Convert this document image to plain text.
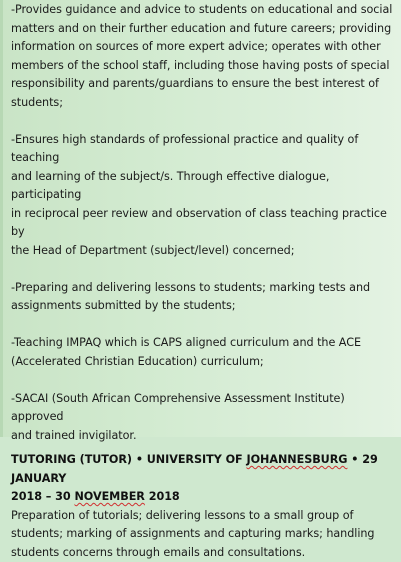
-Provides guidance and advice to students on educational and social
matters and on their further education and future careers; providing
information on sources of more expert advice; operates with other
members of the school staff, including those having posts of special
responsibility and parents/guardians to ensure the best interest of
students;

-Ensures high standards of professional practice and quality of teaching
and learning of the subject/s. Through effective dialogue, participating
in reciprocal peer review and observation of class teaching practice by
the Head of Department (subject/level) concerned;

-Preparing and delivering lessons to students; marking tests and
assignments submitted by the students;

-Teaching IMPAQ which is CAPS aligned curriculum and the ACE
(Accelerated Christian Education) curriculum;

-SACAI (South African Comprehensive Assessment Institute) approved
and trained invigilator.

TUTORING (TUTOR) • UNIVERSITY OF JOHANNESBURG • 29 JANUARY
2018 – 30 NOVEMBER 2018

Preparation of tutorials; delivering lessons to a small group of
students; marking of assignments and capturing marks; handling
students concerns through emails and consultations.
